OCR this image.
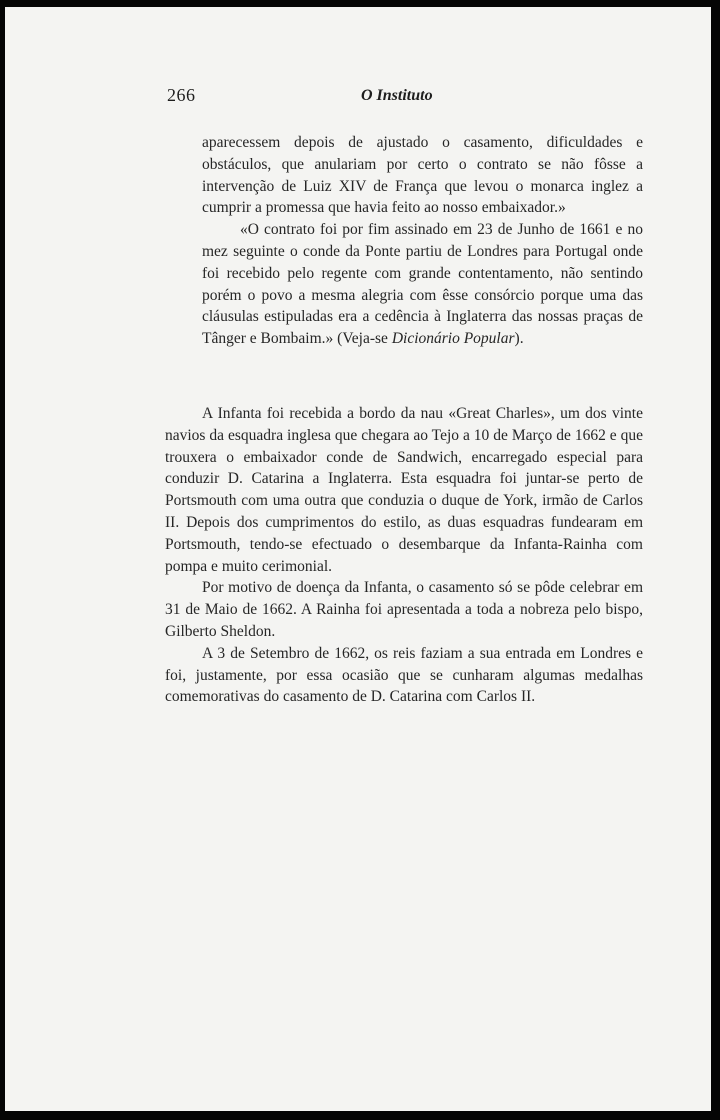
266	O Instituto

aparecessem depois de ajustado o casamento, dificuldades e obstáculos, que anulariam por certo o contrato se não fôsse a intervenção de Luiz XIV de França que levou o monarca inglez a cumprir a promessa que havia feito ao nosso embaixador.»

«O contrato foi por fim assinado em 23 de Junho de 1661 e no mez seguinte o conde da Ponte partiu de Londres para Portugal onde foi recebido pelo regente com grande contentamento, não sentindo porém o povo a mesma alegria com êsse consórcio porque uma das cláusulas estipuladas era a cedência à Inglaterra das nossas praças de Tânger e Bombaim.» (Veja-se Dicionário Popular).

A Infanta foi recebida a bordo da nau «Great Charles», um dos vinte navios da esquadra inglesa que chegara ao Tejo a 10 de Março de 1662 e que trouxera o embaixador conde de Sandwich, encarregado especial para conduzir D. Catarina a Inglaterra. Esta esquadra foi juntar-se perto de Portsmouth com uma outra que conduzia o duque de York, irmão de Carlos II. Depois dos cumprimentos do estilo, as duas esquadras fundearam em Portsmouth, tendo-se efectuado o desembarque da Infanta-Rainha com pompa e muito cerimonial.

Por motivo de doença da Infanta, o casamento só se pôde celebrar em 31 de Maio de 1662. A Rainha foi apresentada a toda a nobreza pelo bispo, Gilberto Sheldon.

A 3 de Setembro de 1662, os reis faziam a sua entrada em Londres e foi, justamente, por essa ocasião que se cunharam algumas medalhas comemorativas do casamento de D. Catarina com Carlos II.
